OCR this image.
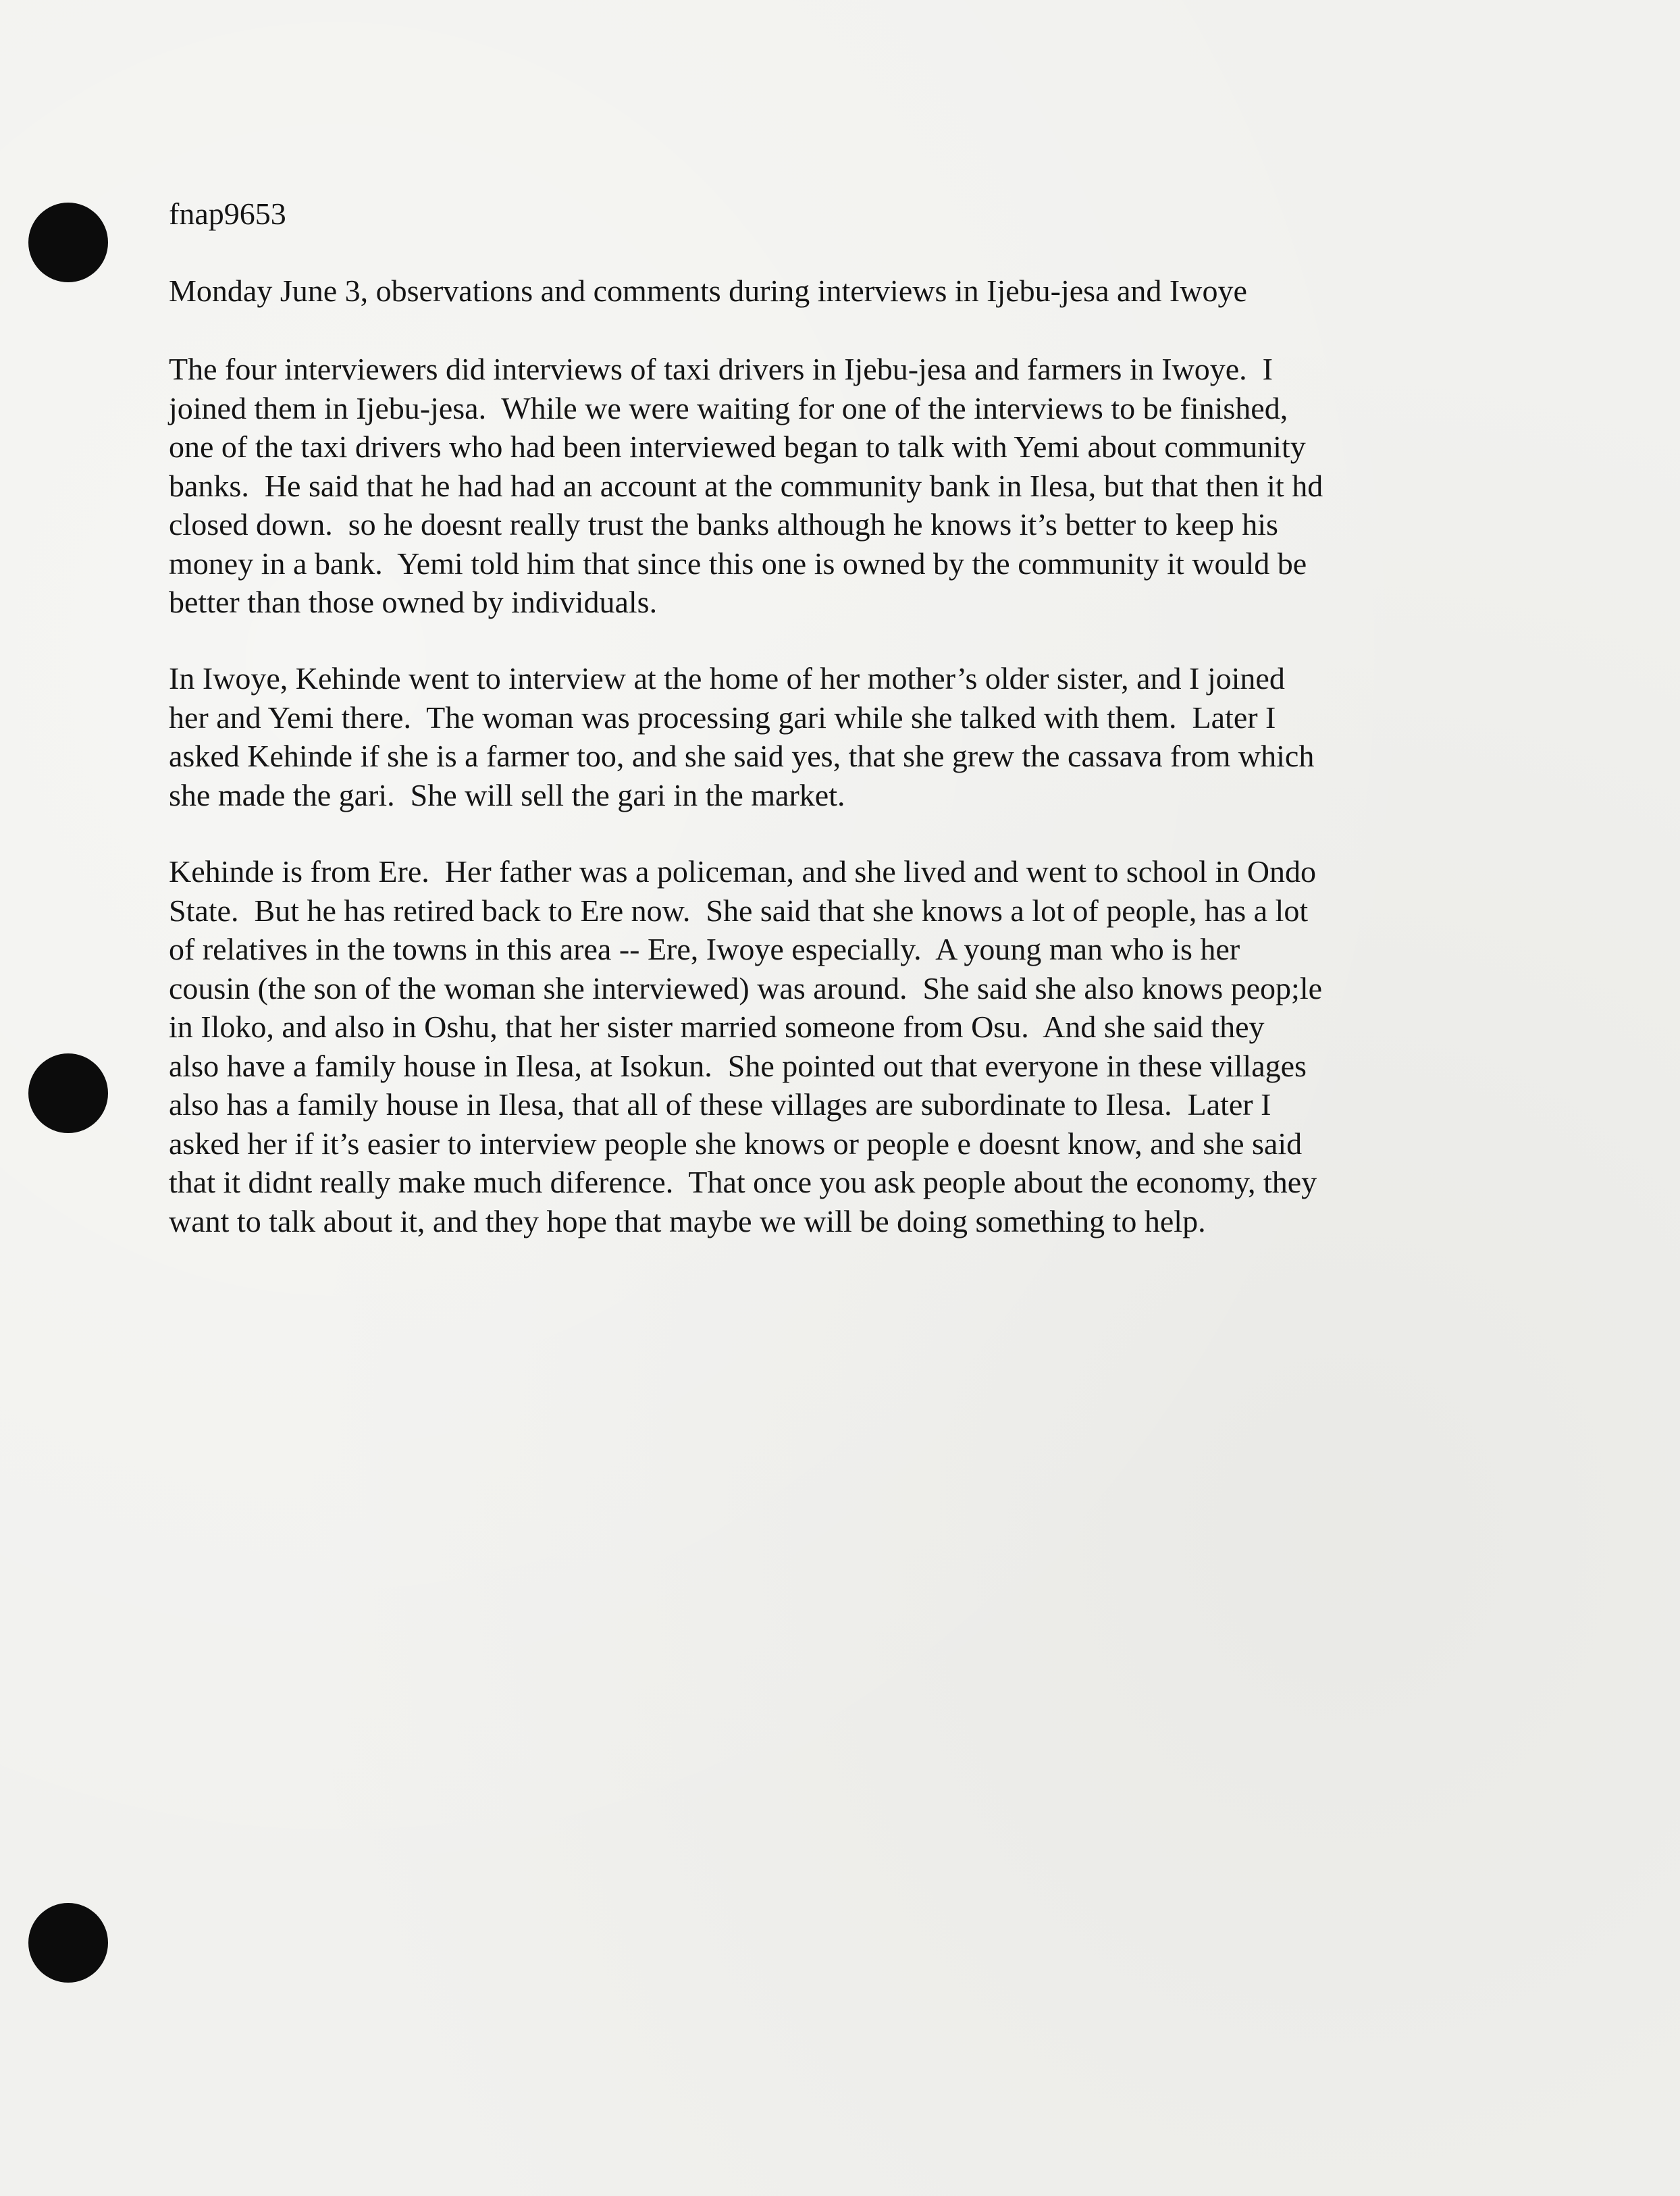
fnap9653
Monday June 3, observations and comments during interviews in Ijebu-jesa and Iwoye
The four interviewers did interviews of taxi drivers in Ijebu-jesa and farmers in Iwoye.  I
joined them in Ijebu-jesa.  While we were waiting for one of the interviews to be finished,
one of the taxi drivers who had been interviewed began to talk with Yemi about community
banks.  He said that he had had an account at the community bank in Ilesa, but that then it hd
closed down.  so he doesnt really trust the banks although he knows it’s better to keep his
money in a bank.  Yemi told him that since this one is owned by the community it would be
better than those owned by individuals.
In Iwoye, Kehinde went to interview at the home of her mother’s older sister, and I joined
her and Yemi there.  The woman was processing gari while she talked with them.  Later I
asked Kehinde if she is a farmer too, and she said yes, that she grew the cassava from which
she made the gari.  She will sell the gari in the market.
Kehinde is from Ere.  Her father was a policeman, and she lived and went to school in Ondo
State.  But he has retired back to Ere now.  She said that she knows a lot of people, has a lot
of relatives in the towns in this area -- Ere, Iwoye especially.  A young man who is her
cousin (the son of the woman she interviewed) was around.  She said she also knows peop;le
in Iloko, and also in Oshu, that her sister married someone from Osu.  And she said they
also have a family house in Ilesa, at Isokun.  She pointed out that everyone in these villages
also has a family house in Ilesa, that all of these villages are subordinate to Ilesa.  Later I
asked her if it’s easier to interview people she knows or people e doesnt know, and she said
that it didnt really make much diference.  That once you ask people about the economy, they
want to talk about it, and they hope that maybe we will be doing something to help.
